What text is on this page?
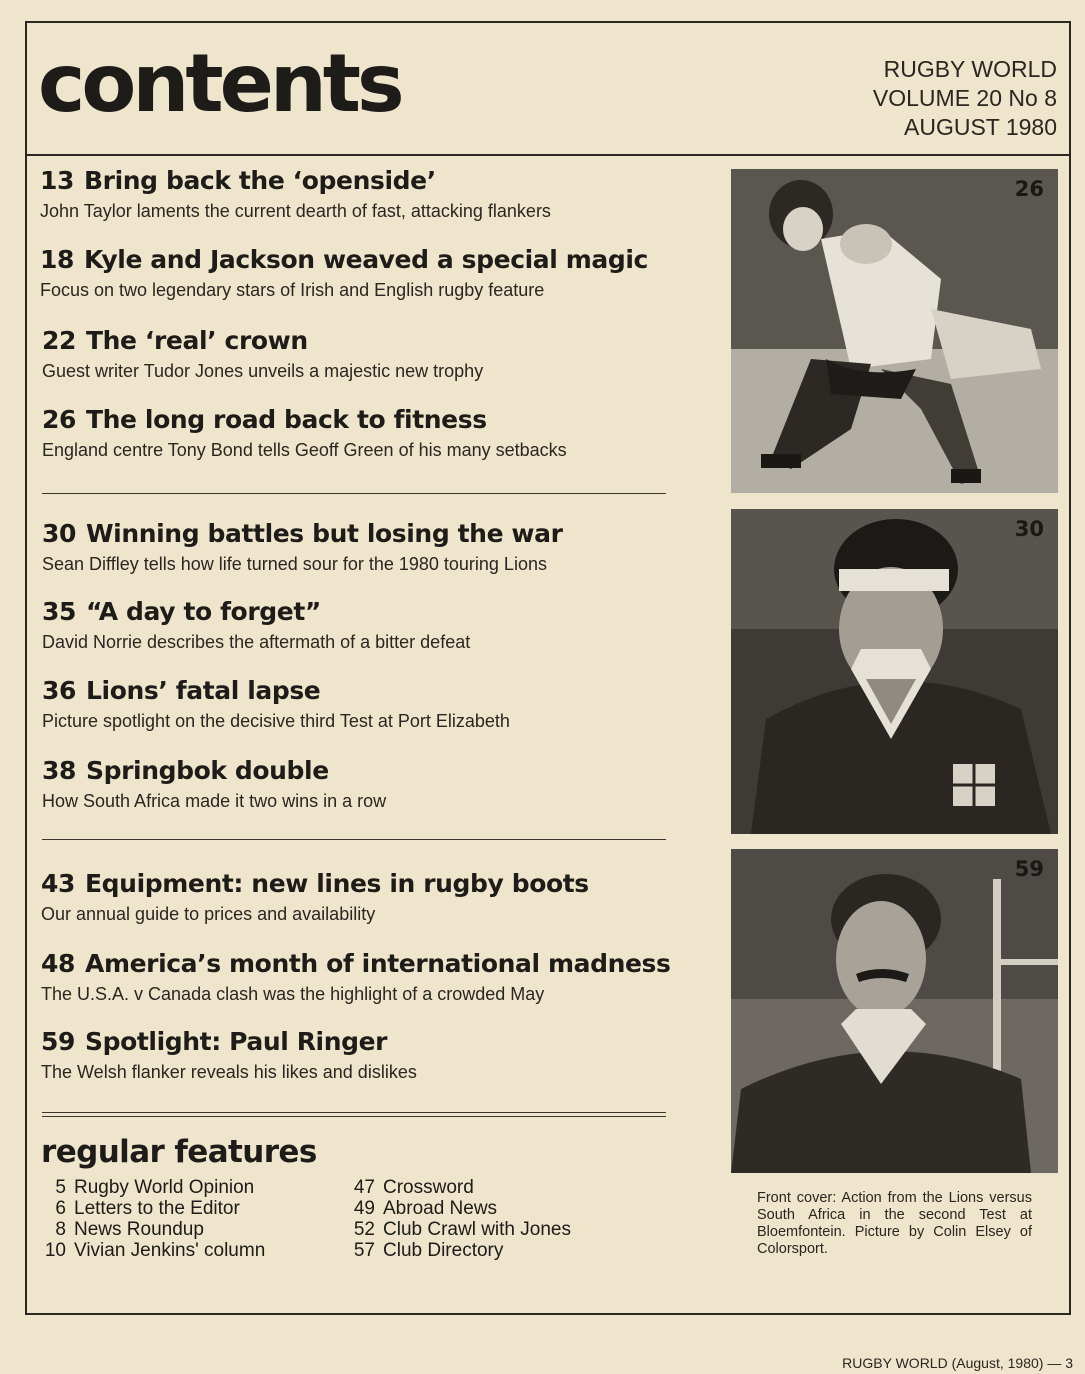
contents	RUGBY WORLD
VOLUME 20 No 8
AUGUST 1980
13 Bring back the ‘openside’
John Taylor laments the current dearth of fast, attacking flankers
18 Kyle and Jackson weaved a special magic
Focus on two legendary stars of Irish and English rugby feature
22 The ‘real’ crown
Guest writer Tudor Jones unveils a majestic new trophy
26 The long road back to fitness
England centre Tony Bond tells Geoff Green of his many setbacks
30 Winning battles but losing the war
Sean Diffley tells how life turned sour for the 1980 touring Lions
35 “A day to forget”
David Norrie describes the aftermath of a bitter defeat
36 Lions’ fatal lapse
Picture spotlight on the decisive third Test at Port Elizabeth
38 Springbok double
How South Africa made it two wins in a row
43 Equipment: new lines in rugby boots
Our annual guide to prices and availability
48 America’s month of international madness
The U.S.A. v Canada clash was the highlight of a crowded May
59 Spotlight: Paul Ringer
The Welsh flanker reveals his likes and dislikes
26
30
59
regular features
5 Rugby World Opinion
6 Letters to the Editor
8 News Roundup
10 Vivian Jenkins' column
47 Crossword
49 Abroad News
52 Club Crawl with Jones
57 Club Directory
Front cover: Action from the Lions versus South Africa in the second Test at Bloemfontein. Picture by Colin Elsey of Colorsport.
RUGBY WORLD (August, 1980) — 3
